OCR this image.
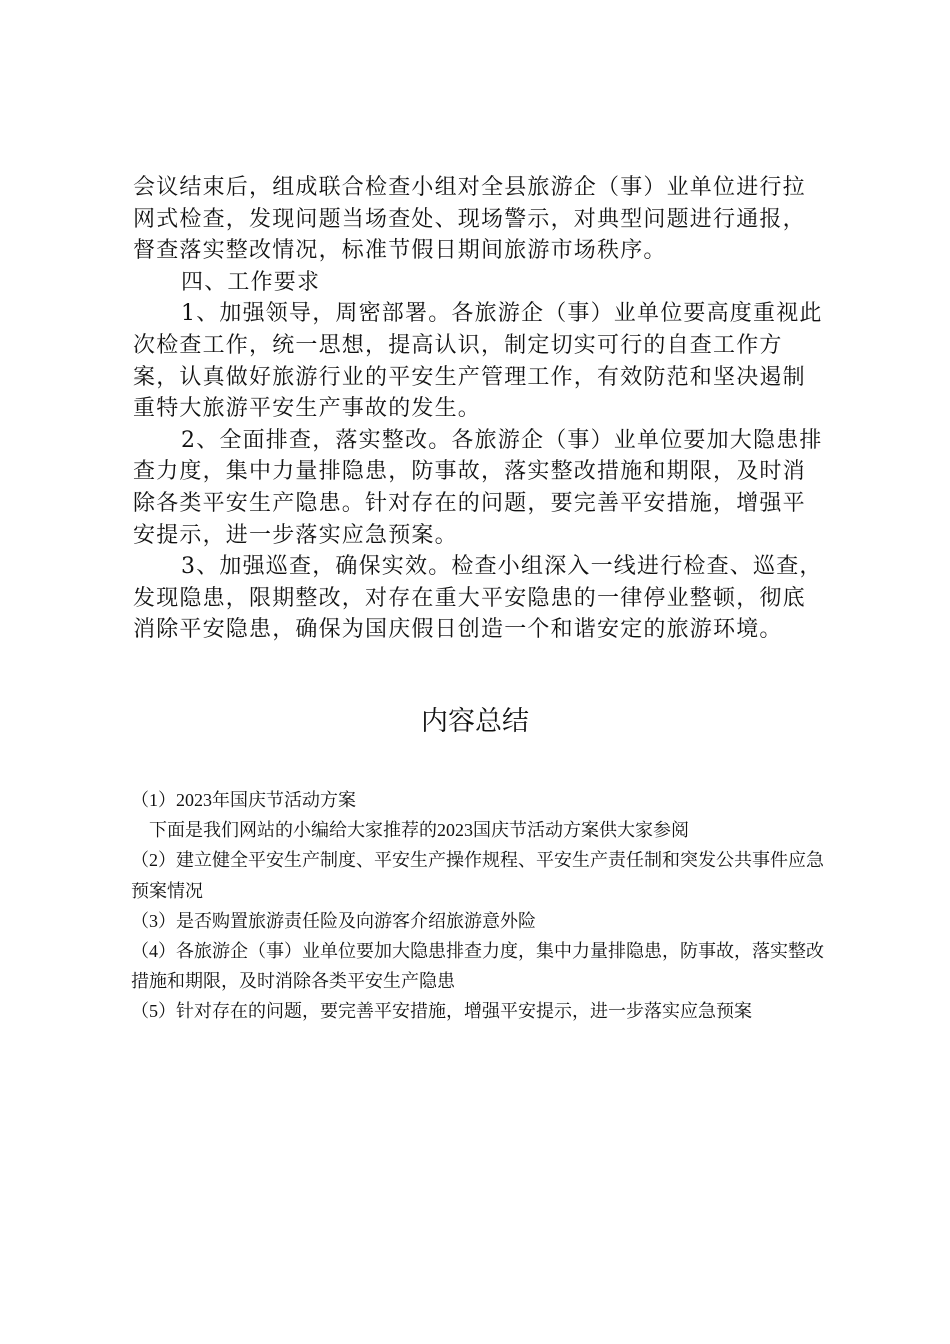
会议结束后，组成联合检查小组对全县旅游企（事）业单位进行拉网式检查，发现问题当场查处、现场警示，对典型问题进行通报，督查落实整改情况，标准节假日期间旅游市场秩序。

四、工作要求

1、加强领导，周密部署。各旅游企（事）业单位要高度重视此次检查工作，统一思想，提高认识，制定切实可行的自查工作方案，认真做好旅游行业的平安生产管理工作，有效防范和坚决遏制重特大旅游平安生产事故的发生。

2、全面排查，落实整改。各旅游企（事）业单位要加大隐患排查力度，集中力量排隐患，防事故，落实整改措施和期限，及时消除各类平安生产隐患。针对存在的问题，要完善平安措施，增强平安提示，进一步落实应急预案。

3、加强巡查，确保实效。检查小组深入一线进行检查、巡查，发现隐患，限期整改，对存在重大平安隐患的一律停业整顿，彻底消除平安隐患，确保为国庆假日创造一个和谐安定的旅游环境。

内容总结

（1）2023年国庆节活动方案

下面是我们网站的小编给大家推荐的2023国庆节活动方案供大家参阅

（2）建立健全平安生产制度、平安生产操作规程、平安生产责任制和突发公共事件应急预案情况

（3）是否购置旅游责任险及向游客介绍旅游意外险

（4）各旅游企（事）业单位要加大隐患排查力度，集中力量排隐患，防事故，落实整改措施和期限，及时消除各类平安生产隐患

（5）针对存在的问题，要完善平安措施，增强平安提示，进一步落实应急预案
